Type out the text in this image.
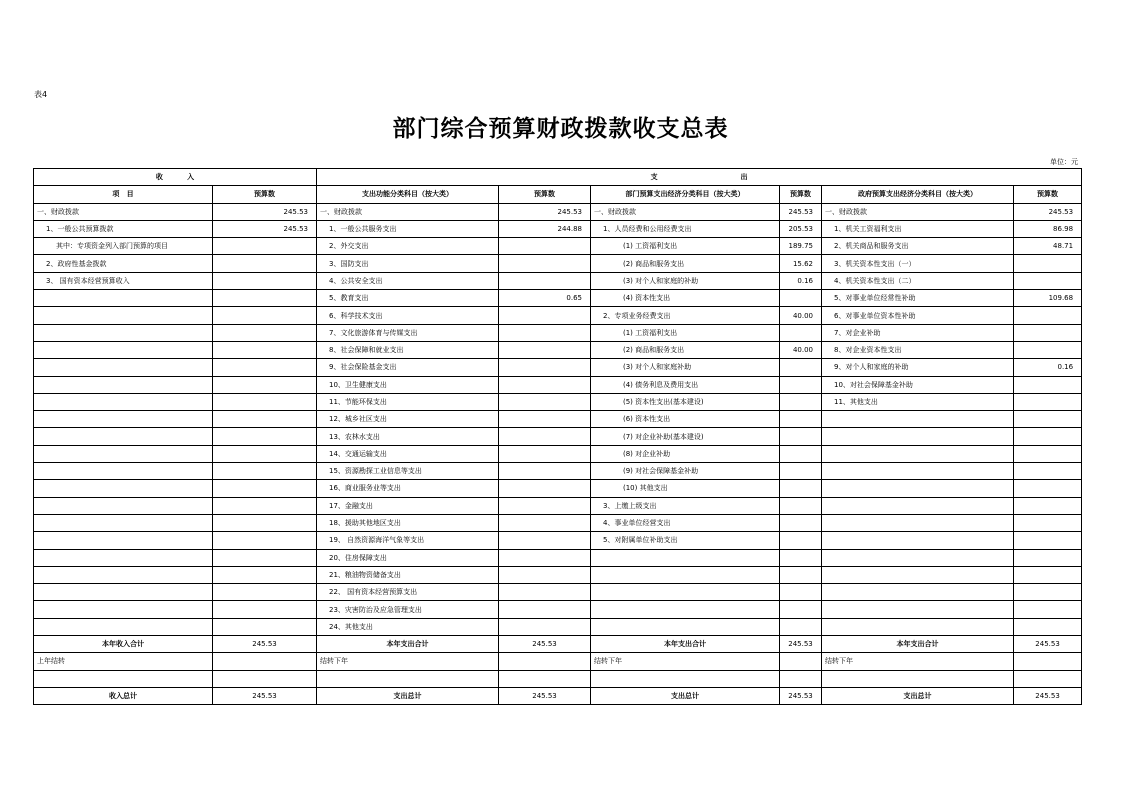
表4
部门综合预算财政拨款收支总表
单位：元
收          入		支                                  出					
项   目	预算数	支出功能分类科目（按大类）	预算数	部门预算支出经济分类科目（按大类）	预算数	政府预算支出经济分类科目（按大类）	预算数
一、财政拨款	245.53	一、财政拨款	245.53	一、财政拨款	245.53	一、财政拨款	245.53
1、一般公共预算拨款	245.53	1、一般公共服务支出	244.88	1、人员经费和公用经费支出	205.53	1、机关工资福利支出	86.98
其中：专项资金列入部门预算的项目		2、外交支出		(1) 工资福利支出	189.75	2、机关商品和服务支出	48.71
2、政府性基金拨款		3、国防支出		(2) 商品和服务支出	15.62	3、机关资本性支出（一）	
3、 国有资本经营预算收入		4、公共安全支出		(3) 对个人和家庭的补助	0.16	4、机关资本性支出（二）	
		5、教育支出	0.65	(4) 资本性支出		5、对事业单位经常性补助	109.68
		6、科学技术支出		2、专项业务经费支出	40.00	6、对事业单位资本性补助	
		7、文化旅游体育与传媒支出		(1) 工资福利支出		7、对企业补助	
		8、社会保障和就业支出		(2) 商品和服务支出	40.00	8、对企业资本性支出	
		9、社会保险基金支出		(3) 对个人和家庭补助		9、对个人和家庭的补助	0.16
		10、卫生健康支出		(4) 债务利息及费用支出		10、对社会保障基金补助	
		11、节能环保支出		(5) 资本性支出(基本建设)		11、其他支出	
		12、城乡社区支出		(6) 资本性支出			
		13、农林水支出		(7) 对企业补助(基本建设)			
		14、交通运输支出		(8) 对企业补助			
		15、资源勘探工业信息等支出		(9) 对社会保障基金补助			
		16、商业服务业等支出		(10) 其他支出			
		17、金融支出		3、上缴上级支出			
		18、援助其他地区支出		4、事业单位经营支出			
		19、 自然资源海洋气象等支出		5、对附属单位补助支出			
		20、住房保障支出					
		21、粮油物资储备支出					
		22、 国有资本经营预算支出					
		23、灾害防治及应急管理支出					
		24、其他支出					
本年收入合计	245.53	本年支出合计	245.53	本年支出合计	245.53	本年支出合计	245.53
上年结转		结转下年		结转下年		结转下年	

收入总计	245.53	支出总计	245.53	支出总计	245.53	支出总计	245.53
